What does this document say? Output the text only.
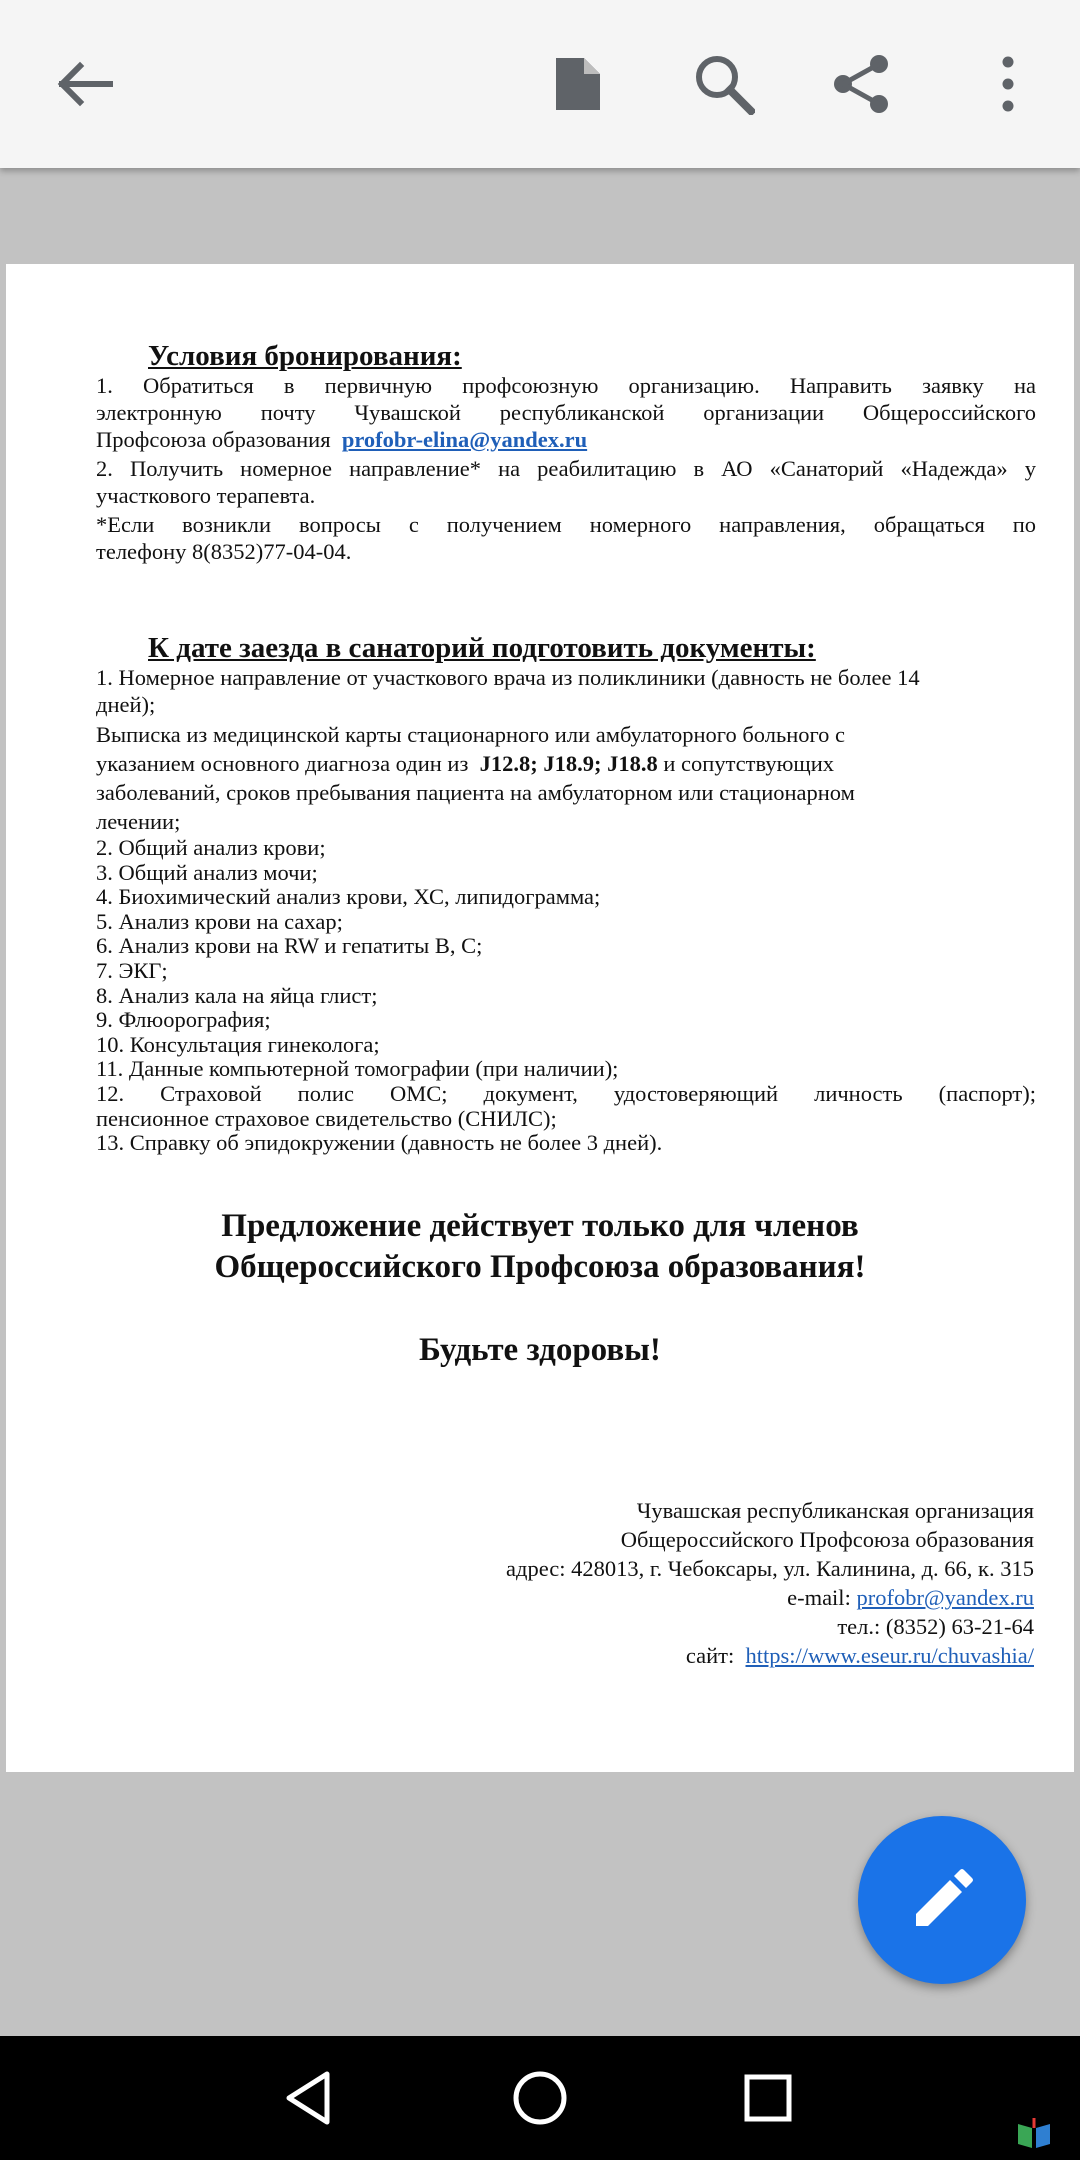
Условия бронирования:
1. Обратиться в первичную профсоюзную организацию. Направить заявку на
электронную почту Чувашской республиканской организации Общероссийского
Профсоюза образования profobr-elina@yandex.ru
2. Получить номерное направление* на реабилитацию в АО «Санаторий «Надежда» у
участкового терапевта.
*Если возникли вопросы с получением номерного направления, обращаться по
телефону 8(8352)77-04-04.
К дате заезда в санаторий подготовить документы:
1. Номерное направление от участкового врача из поликлиники (давность не более 14
дней);
Выписка из медицинской карты стационарного или амбулаторного больного с
указанием основного диагноза один из J12.8; J18.9; J18.8 и сопутствующих
заболеваний, сроков пребывания пациента на амбулаторном или стационарном
лечении;
2. Общий анализ крови;
3. Общий анализ мочи;
4. Биохимический анализ крови, ХС, липидограмма;
5. Анализ крови на сахар;
6. Анализ крови на RW и гепатиты В, С;
7. ЭКГ;
8. Анализ кала на яйца глист;
9. Флюорография;
10. Консультация гинеколога;
11. Данные компьютерной томографии (при наличии);
12. Страховой полис ОМС; документ, удостоверяющий личность (паспорт);
пенсионное страховое свидетельство (СНИЛС);
13. Справку об эпидокружении (давность не более 3 дней).
Предложение действует только для членов
Общероссийского Профсоюза образования!
Будьте здоровы!
Чувашская республиканская организация
Общероссийского Профсоюза образования
адрес: 428013, г. Чебоксары, ул. Калинина, д. 66, к. 315
e-mail: profobr@yandex.ru
тел.: (8352) 63-21-64
сайт: https://www.eseur.ru/chuvashia/
